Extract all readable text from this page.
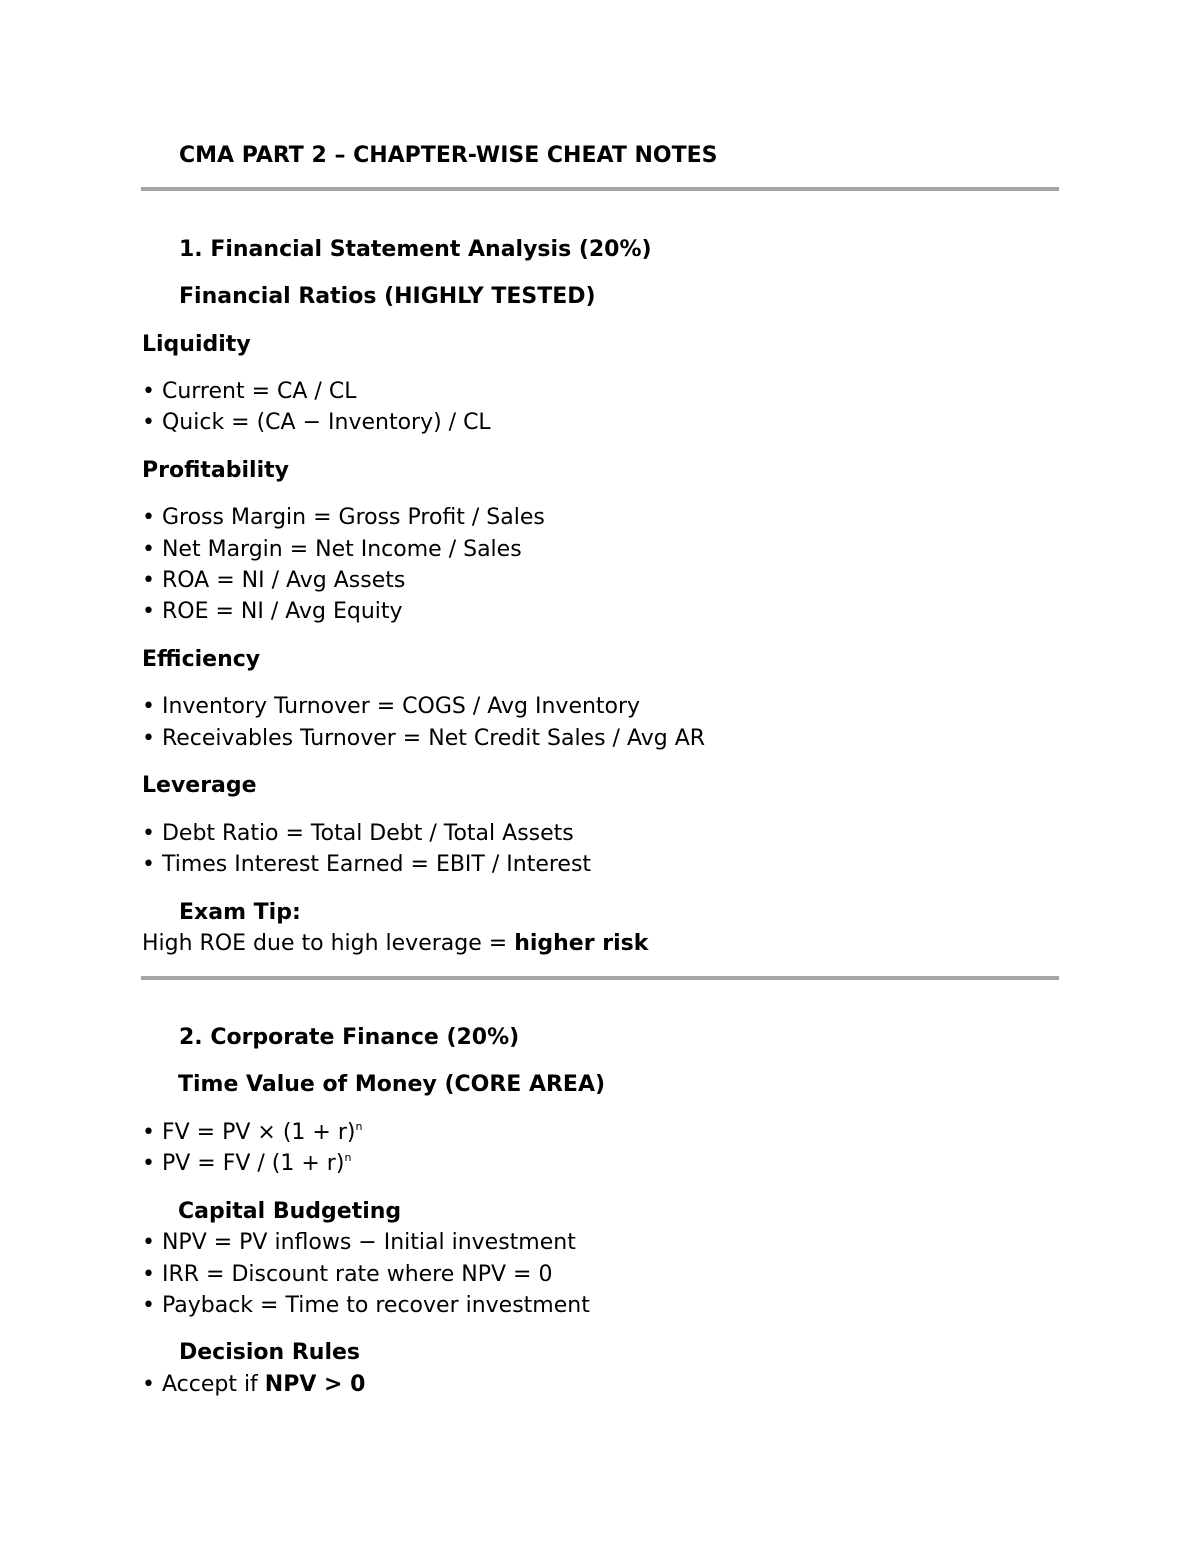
CMA PART 2 – CHAPTER-WISE CHEAT NOTES
1. Financial Statement Analysis (20%)
Financial Ratios (HIGHLY TESTED)
Liquidity
• Current = CA / CL
• Quick = (CA − Inventory) / CL
Profitability
• Gross Margin = Gross Profit / Sales
• Net Margin = Net Income / Sales
• ROA = NI / Avg Assets
• ROE = NI / Avg Equity
Efficiency
• Inventory Turnover = COGS / Avg Inventory
• Receivables Turnover = Net Credit Sales / Avg AR
Leverage
• Debt Ratio = Total Debt / Total Assets
• Times Interest Earned = EBIT / Interest
Exam Tip:
High ROE due to high leverage = higher risk
2. Corporate Finance (20%)
Time Value of Money (CORE AREA)
• FV = PV × $(1 + r)^n$
• PV = FV / $(1 + r)^n$
Capital Budgeting
• NPV = PV inflows − Initial investment
• IRR = Discount rate where NPV = 0
• Payback = Time to recover investment
Decision Rules
• Accept if NPV > 0
